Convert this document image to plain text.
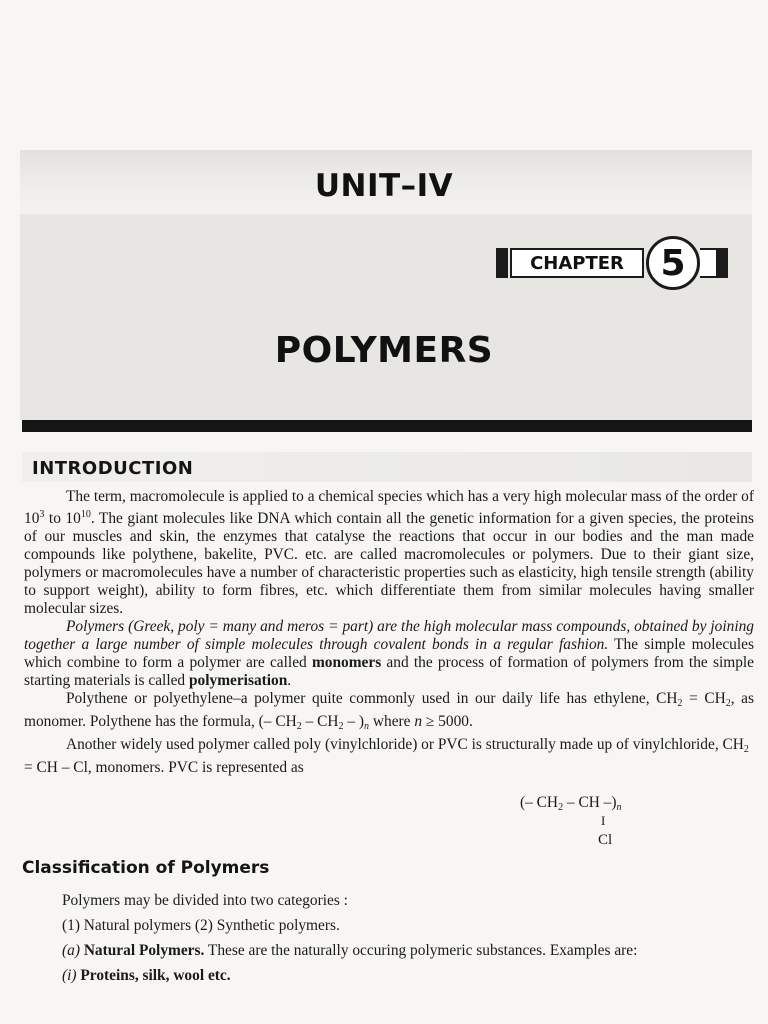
UNIT–IV
CHAPTER	5
POLYMERS
INTRODUCTION

The term, macromolecule is applied to a chemical species which has a very high molecular mass of the order of $10^3$ to $10^{10}$. The giant molecules like DNA which contain all the genetic information for a given species, the proteins of our muscles and skin, the enzymes that catalyse the reactions that occur in our bodies and the man made compounds like polythene, bakelite, PVC. etc. are called macromolecules or polymers. Due to their giant size, polymers or macromolecules have a number of characteristic properties such as elasticity, high tensile strength (ability to support weight), ability to form fibres, etc. which differentiate them from similar molecules having smaller molecular sizes.

Polymers (Greek, poly = many and meros = part) are the high molecular mass compounds, obtained by joining together a large number of simple molecules through covalent bonds in a regular fashion. The simple molecules which combine to form a polymer are called monomers and the process of formation of polymers from the simple starting materials is called polymerisation.

Polythene or polyethylene–a polymer quite commonly used in our daily life has ethylene, $CH_2 = CH_2$, as monomer. Polythene has the formula, (– $CH_2 - CH_2 - )_n$ where n ≥ 5000.

Another widely used polymer called poly (vinylchloride) or PVC is structurally made up of vinylchloride, $CH_2$ = CH – Cl, monomers. PVC is represented as

(– $CH_2$ – CH $-)_n$
I
Cl
Classification of Polymers
Polymers may be divided into two categories :
(1) Natural polymers (2) Synthetic polymers.
(a) Natural Polymers. These are the naturally occuring polymeric substances. Examples are:
(i) Proteins, silk, wool etc.
